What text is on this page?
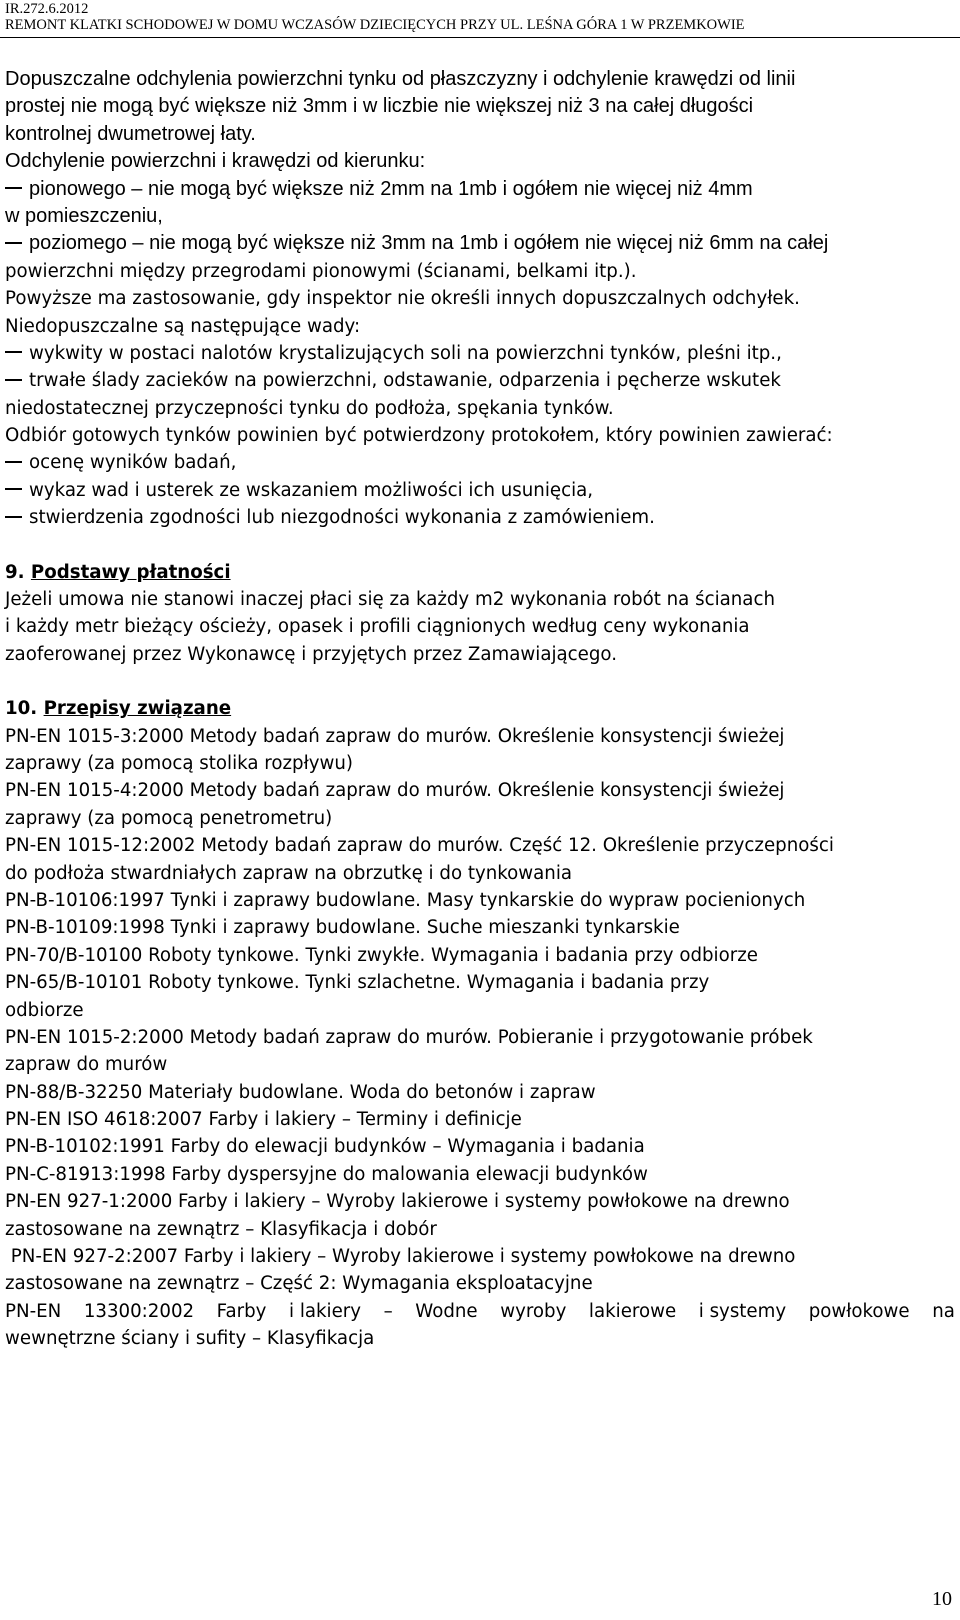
IR.272.6.2012
REMONT KLATKI SCHODOWEJ W DOMU WCZASÓW DZIECIĘCYCH PRZY UL. LEŚNA GÓRA 1 W PRZEMKOWIE
Dopuszczalne odchylenia powierzchni tynku od płaszczyzny i odchylenie krawędzi od linii
prostej nie mogą być większe niż 3mm i w liczbie nie większej niż 3 na całej długości
kontrolnej dwumetrowej łaty.
Odchylenie powierzchni i krawędzi od kierunku:
pionowego – nie mogą być większe niż 2mm na 1mb i ogółem nie więcej niż 4mm
w pomieszczeniu,
poziomego – nie mogą być większe niż 3mm na 1mb i ogółem nie więcej niż 6mm na całej
powierzchni między przegrodami pionowymi (ścianami, belkami itp.).
Powyższe ma zastosowanie, gdy inspektor nie określi innych dopuszczalnych odchyłek.
Niedopuszczalne są następujące wady:
wykwity w postaci nalotów krystalizujących soli na powierzchni tynków, pleśni itp.,
trwałe ślady zacieków na powierzchni, odstawanie, odparzenia i pęcherze wskutek
niedostatecznej przyczepności tynku do podłoża, spękania tynków.
Odbiór gotowych tynków powinien być potwierdzony protokołem, który powinien zawierać:
ocenę wyników badań,
wykaz wad i usterek ze wskazaniem możliwości ich usunięcia,
stwierdzenia zgodności lub niezgodności wykonania z zamówieniem.
9. Podstawy płatności
Jeżeli umowa nie stanowi inaczej płaci się za każdy m2 wykonania robót na ścianach
i każdy metr bieżący ościeży, opasek i profili ciągnionych według ceny wykonania
zaoferowanej przez Wykonawcę i przyjętych przez Zamawiającego.
10. Przepisy związane
PN-EN 1015-3:2000 Metody badań zapraw do murów. Określenie konsystencji świeżej
zaprawy (za pomocą stolika rozpływu)
PN-EN 1015-4:2000 Metody badań zapraw do murów. Określenie konsystencji świeżej
zaprawy (za pomocą penetrometru)
PN-EN 1015-12:2002 Metody badań zapraw do murów. Część 12. Określenie przyczepności
do podłoża stwardniałych zapraw na obrzutkę i do tynkowania
PN-B-10106:1997 Tynki i zaprawy budowlane. Masy tynkarskie do wypraw pocienionych
PN-B-10109:1998 Tynki i zaprawy budowlane. Suche mieszanki tynkarskie
PN-70/B-10100 Roboty tynkowe. Tynki zwykłe. Wymagania i badania przy odbiorze
PN-65/B-10101 Roboty tynkowe. Tynki szlachetne. Wymagania i badania przy
odbiorze
PN-EN 1015-2:2000 Metody badań zapraw do murów. Pobieranie i przygotowanie próbek
zapraw do murów
PN-88/B-32250 Materiały budowlane. Woda do betonów i zapraw
PN-EN ISO 4618:2007 Farby i lakiery – Terminy i definicje
PN-B-10102:1991 Farby do elewacji budynków – Wymagania i badania
PN-C-81913:1998 Farby dyspersyjne do malowania elewacji budynków
PN-EN 927-1:2000 Farby i lakiery – Wyroby lakierowe i systemy powłokowe na drewno
zastosowane na zewnątrz – Klasyfikacja i dobór
PN-EN 927-2:2007 Farby i lakiery – Wyroby lakierowe i systemy powłokowe na drewno
zastosowane na zewnątrz – Część 2: Wymagania eksploatacyjne
PN-EN 13300:2002 Farby i lakiery – Wodne wyroby lakierowe i systemy powłokowe na
wewnętrzne ściany i sufity – Klasyfikacja
10
